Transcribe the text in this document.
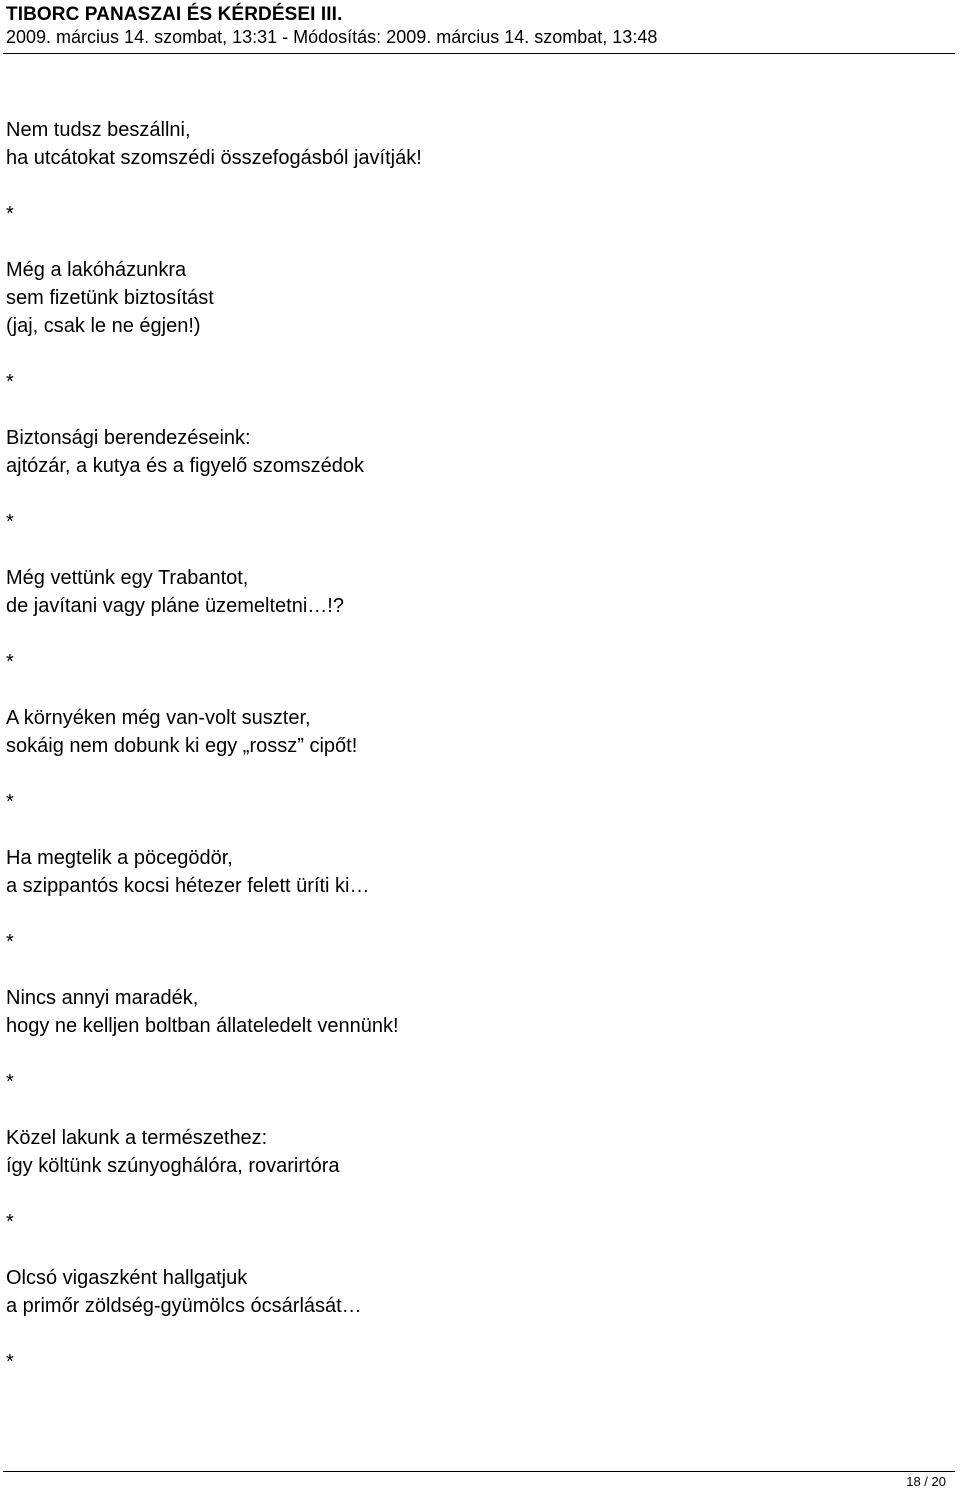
TIBORC PANASZAI ÉS KÉRDÉSEI III.
2009. március 14. szombat, 13:31 - Módosítás: 2009. március 14. szombat, 13:48
Nem tudsz beszállni,
ha utcátokat szomszédi összefogásból javítják!
*
Még a lakóházunkra
sem fizetünk biztosítást
(jaj, csak le ne égjen!)
*
Biztonsági berendezéseink:
ajtózár, a kutya és a figyelő szomszédok
*
Még vettünk egy Trabantot,
de javítani vagy pláne üzemeltetni…!?
*
A környéken még van-volt suszter,
sokáig nem dobunk ki egy „rossz” cipőt!
*
Ha megtelik a pöcegödör,
a szippantós kocsi hétezer felett üríti ki…
*
Nincs annyi maradék,
hogy ne kelljen boltban állateledelt vennünk!
*
Közel lakunk a természethez:
így költünk szúnyoghálóra, rovarirtóra
*
Olcsó vigaszként hallgatjuk
a primőr zöldség-gyümölcs ócsárlását…
*
18 / 20
